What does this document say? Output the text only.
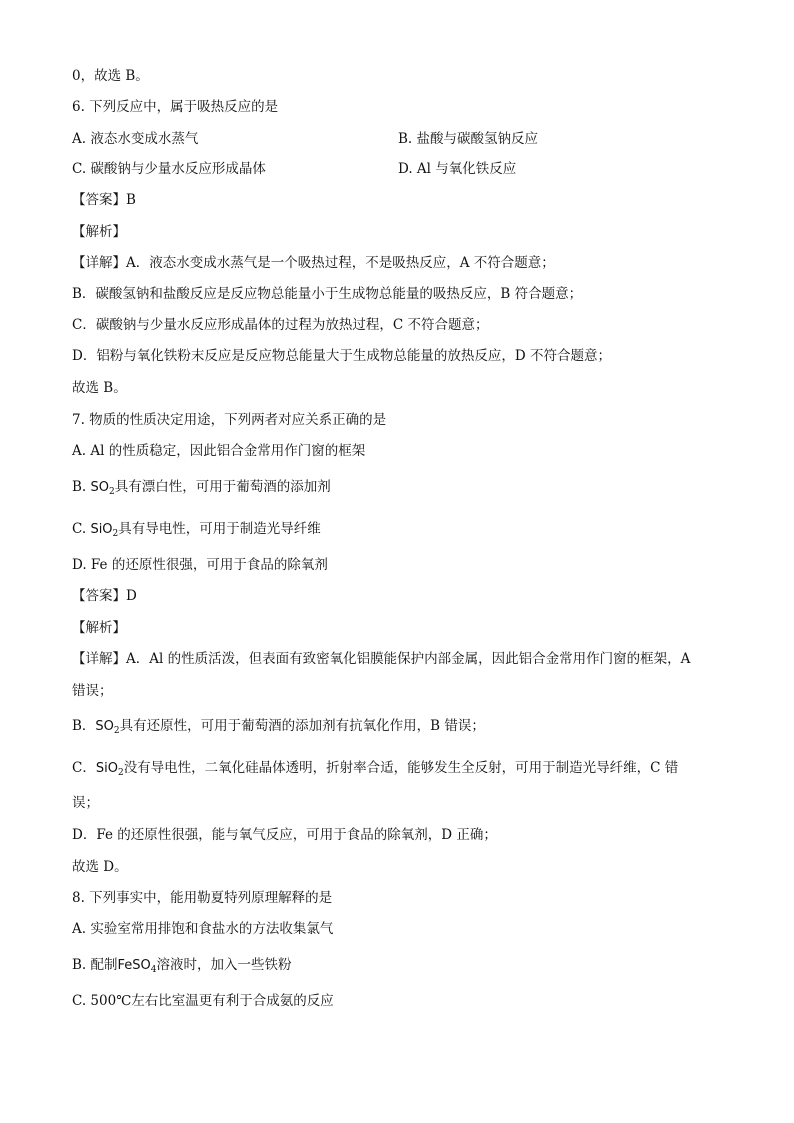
0，故选 B。
6. 下列反应中，属于吸热反应的是
A. 液态水变成水蒸气	B. 盐酸与碳酸氢钠反应
C. 碳酸钠与少量水反应形成晶体	D. Al 与氧化铁反应
【答案】B
【解析】
【详解】A．液态水变成水蒸气是一个吸热过程，不是吸热反应，A 不符合题意；
B．碳酸氢钠和盐酸反应是反应物总能量小于生成物总能量的吸热反应，B 符合题意；
C．碳酸钠与少量水反应形成晶体的过程为放热过程，C 不符合题意；
D．铝粉与氧化铁粉末反应是反应物总能量大于生成物总能量的放热反应，D 不符合题意；
故选 B。
7. 物质的性质决定用途，下列两者对应关系正确的是
A. Al 的性质稳定，因此铝合金常用作门窗的框架
B. $SO_2$具有漂白性，可用于葡萄酒的添加剂
C. SiO$_2$具有导电性，可用于制造光导纤维
D. Fe 的还原性很强，可用于食品的除氧剂
【答案】D
【解析】
【详解】A．Al 的性质活泼，但表面有致密氧化铝膜能保护内部金属，因此铝合金常用作门窗的框架，A
错误；
B．$SO_2$具有还原性，可用于葡萄酒的添加剂有抗氧化作用，B 错误；
C．SiO$_2$没有导电性，二氧化硅晶体透明，折射率合适，能够发生全反射，可用于制造光导纤维，C 错
误；
D．Fe 的还原性很强，能与氧气反应，可用于食品的除氧剂，D 正确；
故选 D。
8. 下列事实中，能用勒夏特列原理解释的是
A. 实验室常用排饱和食盐水的方法收集氯气
B. 配制FeSO$_4$溶液时，加入一些铁粉
C. 500℃左右比室温更有利于合成氨的反应
